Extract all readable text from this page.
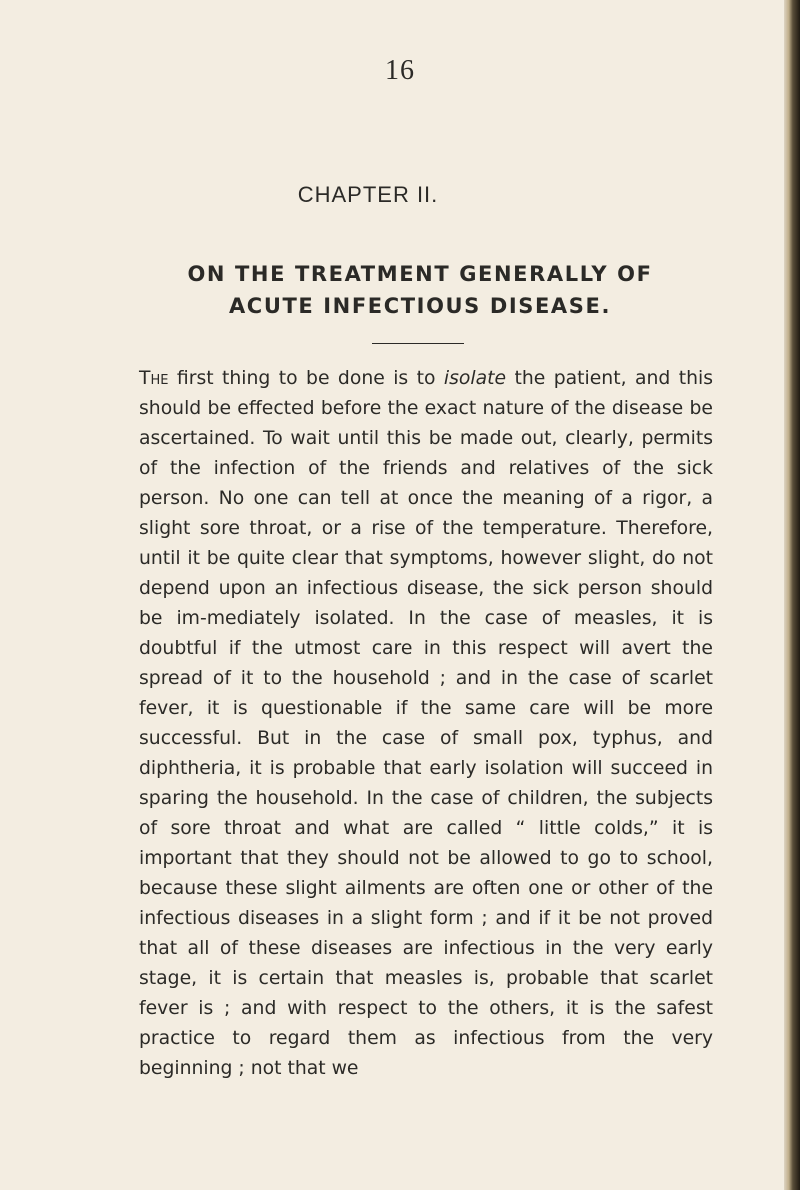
16
CHAPTER II.
ON THE TREATMENT GENERALLY OF
ACUTE INFECTIOUS DISEASE.

The first thing to be done is to isolate the patient, and this should be effected before the exact nature of the disease be ascertained. To wait until this be made out, clearly, permits of the infection of the friends and relatives of the sick person. No one can tell at once the meaning of a rigor, a slight sore throat, or a rise of the temperature. Therefore, until it be quite clear that symptoms, however slight, do not depend upon an infectious disease, the sick person should be im-mediately isolated. In the case of measles, it is doubtful if the utmost care in this respect will avert the spread of it to the household ; and in the case of scarlet fever, it is questionable if the same care will be more successful. But in the case of small pox, typhus, and diphtheria, it is probable that early isolation will succeed in sparing the household. In the case of children, the subjects of sore throat and what are called “ little colds,” it is important that they should not be allowed to go to school, because these slight ailments are often one or other of the infectious diseases in a slight form ; and if it be not proved that all of these diseases are infectious in the very early stage, it is certain that measles is, probable that scarlet fever is ; and with respect to the others, it is the safest practice to regard them as infectious from the very beginning ; not that we
